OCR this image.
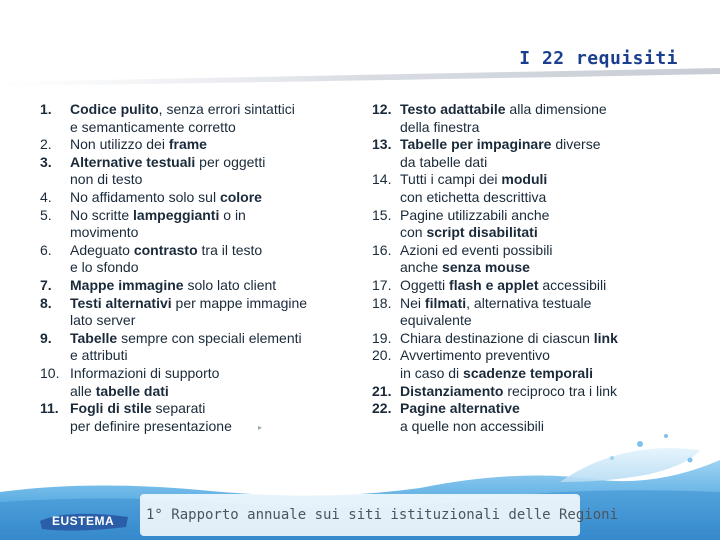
I 22 requisiti
1.	Codice pulito, senza errori sintattici
e semanticamente corretto
2.	Non utilizzo dei frame
3.	Alternative testuali per oggetti
non di testo
4.	No affidamento solo sul colore
5.	No scritte lampeggianti o in
movimento
6.	Adeguato contrasto tra il testo
e lo sfondo
7.	Mappe immagine solo lato client
8.	Testi alternativi per mappe immagine
lato server
9.	Tabelle sempre con speciali elementi
e attributi
10. Informazioni di supporto
alle tabelle dati
11. Fogli di stile separati
per definire presentazione
12. Testo adattabile alla dimensione
della finestra
13. Tabelle per impaginare diverse
da tabelle dati
14. Tutti i campi dei moduli
con etichetta descrittiva
15. Pagine utilizzabili anche
con script disabilitati
16. Azioni ed eventi possibili
anche senza mouse
17. Oggetti flash e applet accessibili
18. Nei filmati, alternativa testuale
equivalente
19. Chiara destinazione di ciascun link
20. Avvertimento preventivo
in caso di scadenze temporali
21. Distanziamento reciproco tra i link
22. Pagine alternative
a quelle non accessibili
▸
EUSTEMA 1° Rapporto annuale sui siti istituzionali delle Regioni
